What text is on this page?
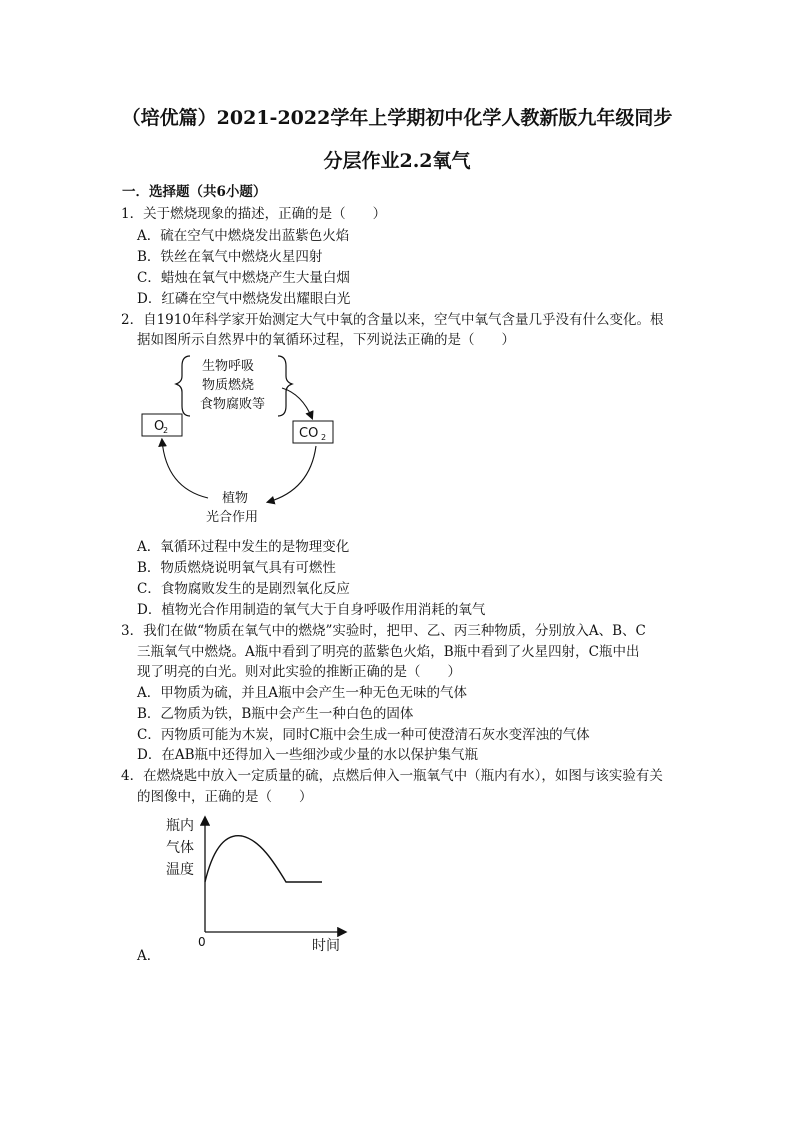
（培优篇）2021-2022学年上学期初中化学人教新版九年级同步
分层作业2.2氧气
一．选择题（共6小题）
1．关于燃烧现象的描述，正确的是（　　）
A．硫在空气中燃烧发出蓝紫色火焰
B．铁丝在氧气中燃烧火星四射
C．蜡烛在氧气中燃烧产生大量白烟
D．红磷在空气中燃烧发出耀眼白光
2．自1910年科学家开始测定大气中氧的含量以来，空气中氧气含量几乎没有什么变化。根
据如图所示自然界中的氧循环过程，下列说法正确的是（　　）
生物呼吸
物质燃烧
食物腐败等
O
2	CO 2
植物
光合作用
A．氧循环过程中发生的是物理变化
B．物质燃烧说明氧气具有可燃性
C．食物腐败发生的是剧烈氧化反应
D．植物光合作用制造的氧气大于自身呼吸作用消耗的氧气
3．我们在做“物质在氧气中的燃烧”实验时，把甲、乙、丙三种物质，分别放入A、B、C
三瓶氧气中燃烧。A瓶中看到了明亮的蓝紫色火焰，B瓶中看到了火星四射，C瓶中出
现了明亮的白光。则对此实验的推断正确的是（　　）
A．甲物质为硫，并且A瓶中会产生一种无色无味的气体
B．乙物质为铁，B瓶中会产生一种白色的固体
C．丙物质可能为木炭，同时C瓶中会生成一种可使澄清石灰水变浑浊的气体
D．在AB瓶中还得加入一些细沙或少量的水以保护集气瓶
4．在燃烧匙中放入一定质量的硫，点燃后伸入一瓶氧气中（瓶内有水），如图与该实验有关
的图像中，正确的是（　　）
瓶内
气体
温度
0	时间
A．
